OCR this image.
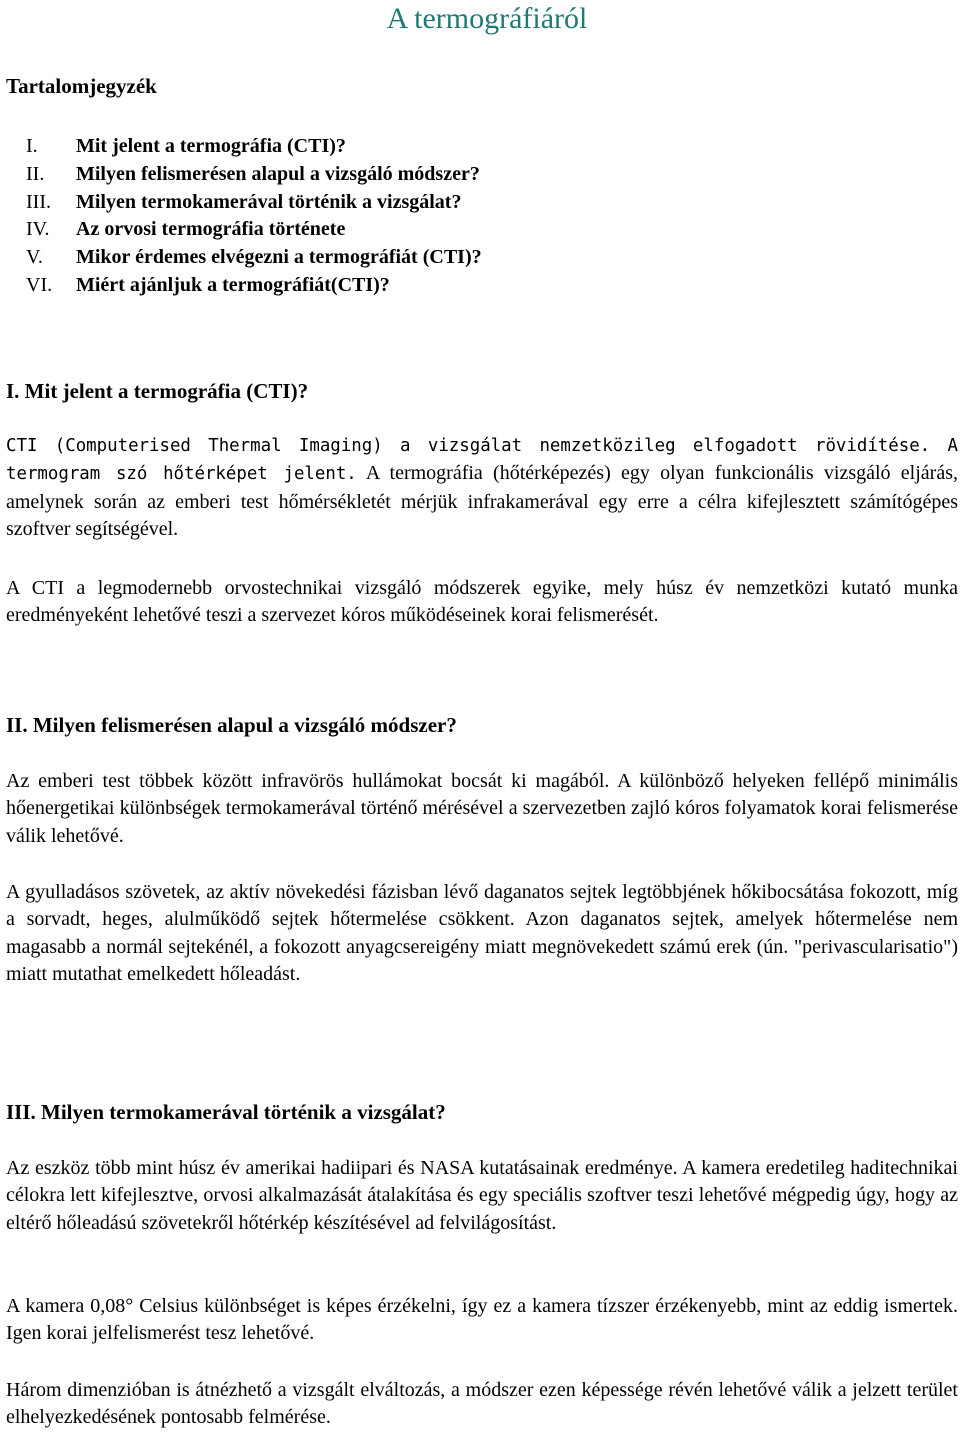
A termográfiáról
Tartalomjegyzék
I.	Mit jelent a termográfia (CTI)?
II.	Milyen felismerésen alapul a vizsgáló módszer?
III.	Milyen termokamerával történik a vizsgálat?
IV.	Az orvosi termográfia története
V.	Mikor érdemes elvégezni a termográfiát (CTI)?
VI.	Miért ajánljuk a termográfiát(CTI)?
I. Mit jelent a termográfia (CTI)?

CTI (Computerised Thermal Imaging) a vizsgálat nemzetközileg elfogadott rövidítése. A termogram szó hőtérképet jelent. A termográfia (hőtérképezés) egy olyan funkcionális vizsgáló eljárás, amelynek során az emberi test hőmérsékletét mérjük infrakamerával egy erre a célra kifejlesztett számítógépes szoftver segítségével.

A CTI a legmodernebb orvostechnikai vizsgáló módszerek egyike, mely húsz év nemzetközi kutató munka eredményeként lehetővé teszi a szervezet kóros működéseinek korai felismerését.

II. Milyen felismerésen alapul a vizsgáló módszer?

Az emberi test többek között infravörös hullámokat bocsát ki magából. A különböző helyeken fellépő minimális hőenergetikai különbségek termokamerával történő mérésével a szervezetben zajló kóros folyamatok korai felismerése válik lehetővé.

A gyulladásos szövetek, az aktív növekedési fázisban lévő daganatos sejtek legtöbbjének hőkibocsátása fokozott, míg a sorvadt, heges, alulműködő sejtek hőtermelése csökkent. Azon daganatos sejtek, amelyek hőtermelése nem magasabb a normál sejtekénél, a fokozott anyagcsereigény miatt megnövekedett számú erek (ún. "perivascularisatio") miatt mutathat emelkedett hőleadást.

III. Milyen termokamerával történik a vizsgálat?

Az eszköz több mint húsz év amerikai hadiipari és NASA kutatásainak eredménye. A kamera eredetileg haditechnikai célokra lett kifejlesztve, orvosi alkalmazását átalakítása és egy speciális szoftver teszi lehetővé mégpedig úgy, hogy az eltérő hőleadású szövetekről hőtérkép készítésével ad felvilágosítást.

A kamera 0,08° Celsius különbséget is képes érzékelni, így ez a kamera tízszer érzékenyebb, mint az eddig ismertek. Igen korai jelfelismerést tesz lehetővé.

Három dimenzióban is átnézhető a vizsgált elváltozás, a módszer ezen képessége révén lehetővé válik a jelzett terület elhelyezkedésének pontosabb felmérése.
